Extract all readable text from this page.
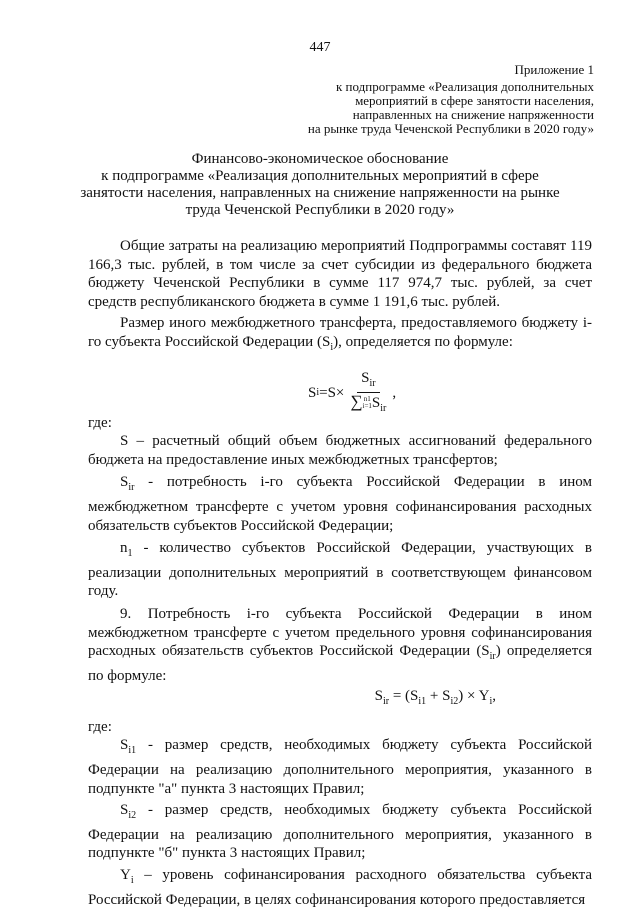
447
Приложение 1
к подпрограмме «Реализация дополнительных
мероприятий в сфере занятости населения,
направленных на снижение напряженности
на рынке труда Чеченской Республики в 2020 году»
Финансово-экономическое обоснование
к подпрограмме «Реализация дополнительных мероприятий в сфере
занятости населения, направленных на снижение напряженности на рынке
труда Чеченской Республики в 2020 году»

Общие затраты на реализацию мероприятий Подпрограммы составят 119 166,3 тыс. рублей, в том числе за счет субсидии из федерального бюджета бюджету Чеченской Республики в сумме 117 974,7 тыс. рублей, за счет средств республиканского бюджета в сумме 1 191,6 тыс. рублей.

Размер иного межбюджетного трансферта, предоставляемого бюджету i-го субъекта Российской Федерации $(S_i)$, определяется по формуле:

S $i =S\times S_{ir}$
∑ n1
i=1 $S_{ir}$ ,

где:

S – расчетный общий объем бюджетных ассигнований федерального бюджета на предоставление иных межбюджетных трансфертов;

$S_{ir}$ - потребность i-го субъекта Российской Федерации в ином межбюджетном трансферте с учетом уровня софинансирования расходных обязательств субъектов Российской Федерации;

$n_1$ - количество субъектов Российской Федерации, участвующих в реализации дополнительных мероприятий в соответствующем финансовом году.

9. Потребность i-го субъекта Российской Федерации в ином межбюджетном трансферте с учетом предельного уровня софинансирования расходных обязательств субъектов Российской Федерации $(S_{ir})$ определяется по формуле:

$S_{ir} = (S_{i1} + S_{i2}) \times Y_i$,

где:

$S_{i1}$ - размер средств, необходимых бюджету субъекта Российской Федерации на реализацию дополнительного мероприятия, указанного в подпункте "а" пункта 3 настоящих Правил;

$S_{i2}$ - размер средств, необходимых бюджету субъекта Российской Федерации на реализацию дополнительного мероприятия, указанного в подпункте "б" пункта 3 настоящих Правил;

$Y_i$ – уровень софинансирования расходного обязательства субъекта Российской Федерации, в целях софинансирования которого предоставляется
